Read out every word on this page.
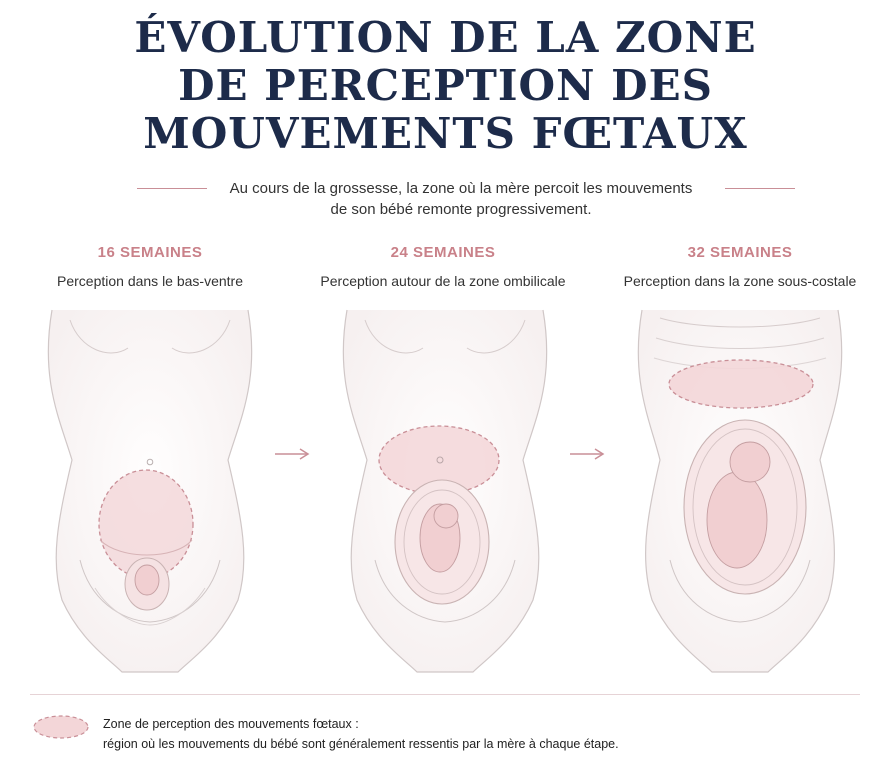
ÉVOLUTION DE LA ZONE
DE PERCEPTION DES
MOUVEMENTS FŒTAUX
Au cours de la grossesse, la zone où la mère percoit les mouvements
de son bébé remonte progressivement.
16 SEMAINES
Perception dans le bas-ventre
24 SEMAINES
Perception autour de la zone ombilicale
32 SEMAINES
Perception dans la zone sous-costale
Zone de perception des mouvements fœtaux :
région où les mouvements du bébé sont généralement ressentis par la mère à chaque étape.
